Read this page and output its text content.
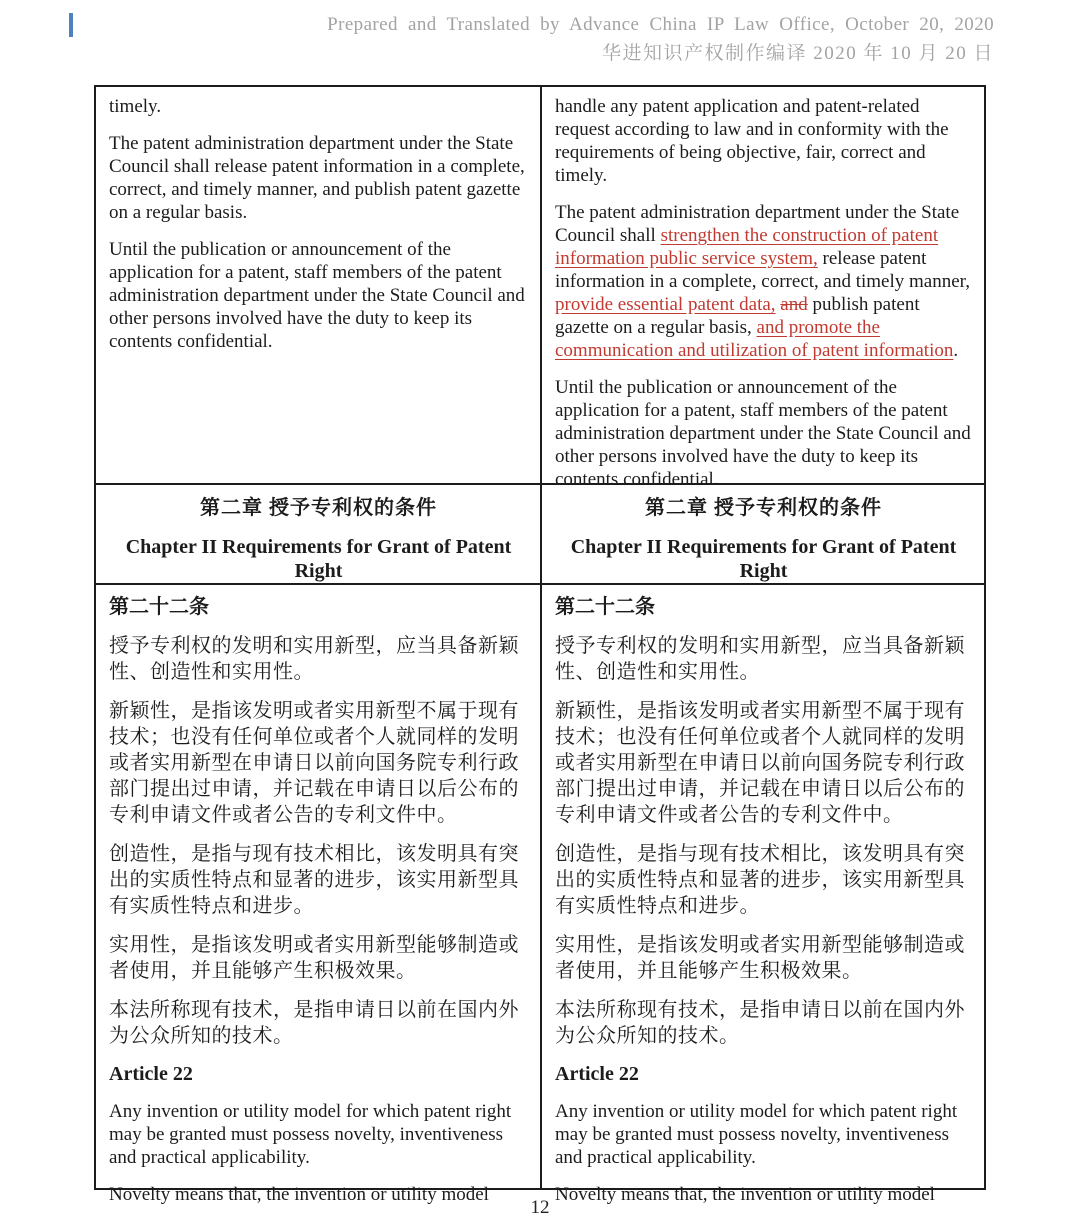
Prepared and Translated by Advance China IP Law Office, October 20, 2020
华进知识产权制作编译 2020 年 10 月 20 日

timely.

The patent administration department under the State Council shall release patent information in a complete, correct, and timely manner, and publish patent gazette on a regular basis.

Until the publication or announcement of the application for a patent, staff members of the patent administration department under the State Council and other persons involved have the duty to keep its contents confidential.

handle any patent application and patent-related request according to law and in conformity with the requirements of being objective, fair, correct and timely.

The patent administration department under the State Council shall strengthen the construction of patent information public service system, release patent information in a complete, correct, and timely manner, provide essential patent data, and publish patent gazette on a regular basis, and promote the communication and utilization of patent information.

Until the publication or announcement of the application for a patent, staff members of the patent administration department under the State Council and other persons involved have the duty to keep its contents confidential.

第二章 授予专利权的条件
Chapter II Requirements for Grant of Patent Right
第二章 授予专利权的条件
Chapter II Requirements for Grant of Patent Right
第二十二条

授予专利权的发明和实用新型，应当具备新颖性、创造性和实用性。

新颖性，是指该发明或者实用新型不属于现有技术；也没有任何单位或者个人就同样的发明或者实用新型在申请日以前向国务院专利行政部门提出过申请，并记载在申请日以后公布的专利申请文件或者公告的专利文件中。

创造性，是指与现有技术相比，该发明具有突出的实质性特点和显著的进步，该实用新型具有实质性特点和进步。

实用性，是指该发明或者实用新型能够制造或者使用，并且能够产生积极效果。

本法所称现有技术，是指申请日以前在国内外为公众所知的技术。

Article 22

Any invention or utility model for which patent right may be granted must possess novelty, inventiveness and practical applicability.

Novelty means that, the invention or utility model

第二十二条

授予专利权的发明和实用新型，应当具备新颖性、创造性和实用性。

新颖性，是指该发明或者实用新型不属于现有技术；也没有任何单位或者个人就同样的发明或者实用新型在申请日以前向国务院专利行政部门提出过申请，并记载在申请日以后公布的专利申请文件或者公告的专利文件中。

创造性，是指与现有技术相比，该发明具有突出的实质性特点和显著的进步，该实用新型具有实质性特点和进步。

实用性，是指该发明或者实用新型能够制造或者使用，并且能够产生积极效果。

本法所称现有技术，是指申请日以前在国内外为公众所知的技术。

Article 22

Any invention or utility model for which patent right may be granted must possess novelty, inventiveness and practical applicability.

Novelty means that, the invention or utility model

12
